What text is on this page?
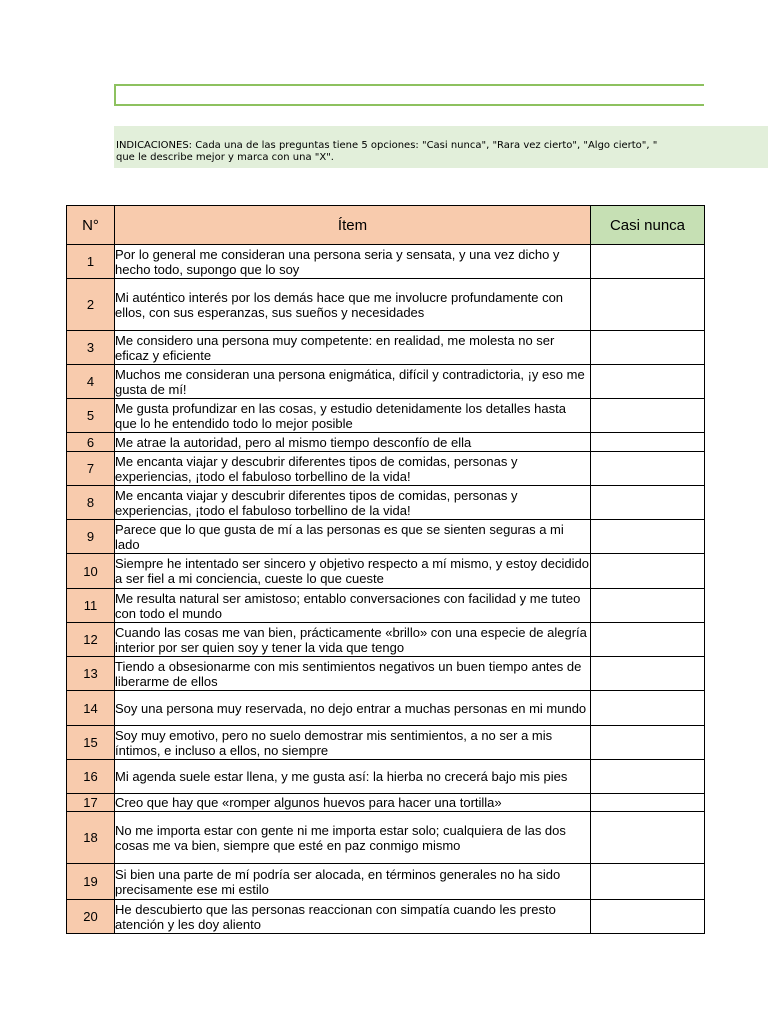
INDICACIONES: Cada una de las preguntas tiene 5 opciones: "Casi nunca", "Rara vez cierto", "Algo cierto", "
que le describe mejor y marca con una "X".
N°	Ítem	Casi nunca
1	Por lo general me consideran una persona seria y sensata, y una vez dicho y hecho todo, supongo que lo soy	
2	Mi auténtico interés por los demás hace que me involucre profundamente con ellos, con sus esperanzas, sus sueños y necesidades	
3	Me considero una persona muy competente: en realidad, me molesta no ser eficaz y eficiente	
4	Muchos me consideran una persona enigmática, difícil y contradictoria, ¡y eso me gusta de mí!	
5	Me gusta profundizar en las cosas, y estudio detenidamente los detalles hasta que lo he entendido todo lo mejor posible	
6	Me atrae la autoridad, pero al mismo tiempo desconfío de ella	
7	Me encanta viajar y descubrir diferentes tipos de comidas, personas y experiencias, ¡todo el fabuloso torbellino de la vida!	
8	Me encanta viajar y descubrir diferentes tipos de comidas, personas y experiencias, ¡todo el fabuloso torbellino de la vida!	
9	Parece que lo que gusta de mí a las personas es que se sienten seguras a mi lado	
10	Siempre he intentado ser sincero y objetivo respecto a mí mismo, y estoy decidido a ser fiel a mi conciencia, cueste lo que cueste	
11	Me resulta natural ser amistoso; entablo conversaciones con facilidad y me tuteo con todo el mundo	
12	Cuando las cosas me van bien, prácticamente «brillo» con una especie de alegría interior por ser quien soy y tener la vida que tengo	
13	Tiendo a obsesionarme con mis sentimientos negativos un buen tiempo antes de liberarme de ellos	
14	Soy una persona muy reservada, no dejo entrar a muchas personas en mi mundo	
15	Soy muy emotivo, pero no suelo demostrar mis sentimientos, a no ser a mis íntimos, e incluso a ellos, no siempre	
16	Mi agenda suele estar llena, y me gusta así: la hierba no crecerá bajo mis pies	
17	Creo que hay que «romper algunos huevos para hacer una tortilla»	
18	No me importa estar con gente ni me importa estar solo; cualquiera de las dos cosas me va bien, siempre que esté en paz conmigo mismo	
19	Si bien una parte de mí podría ser alocada, en términos generales no ha sido precisamente ese mi estilo	
20	He descubierto que las personas reaccionan con simpatía cuando les presto atención y les doy aliento	
